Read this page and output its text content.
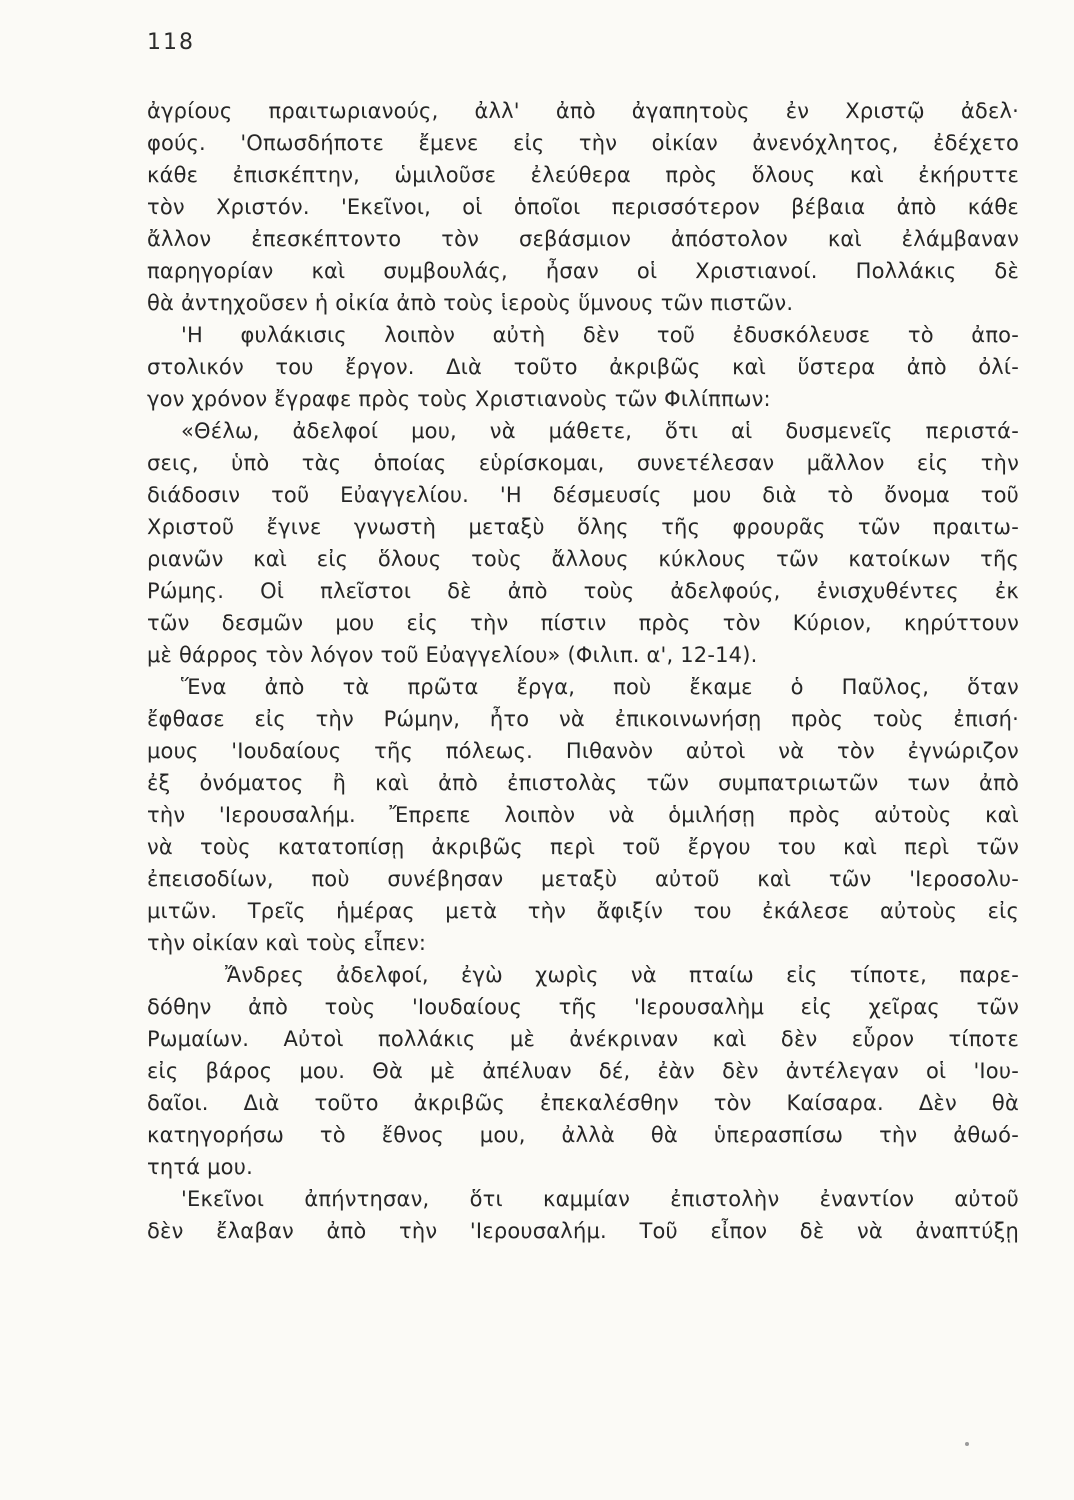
118
ἀγρίους πραιτωριανούς, ἀλλ' ἀπὸ ἀγαπητοὺς ἐν Χριστῷ ἀδελ·
φούς. 'Οπωσδήποτε ἔμενε εἰς τὴν οἰκίαν ἀνενόχλητος, ἐδέχετο
κάθε ἐπισκέπτην, ὡμιλοῦσε ἐλεύθερα πρὸς ὅλους καὶ ἐκήρυττε
τὸν Χριστόν. 'Εκεῖνοι, οἱ ὁποῖοι περισσότερον βέβαια ἀπὸ κάθε
ἄλλον ἐπεσκέπτοντο τὸν σεβάσμιον ἀπόστολον καὶ ἐλάμβαναν
παρηγορίαν καὶ συμβουλάς, ἦσαν οἱ Χριστιανοί. Πολλάκις δὲ
θὰ ἀντηχοῦσεν ἡ οἰκία ἀπὸ τοὺς ἱεροὺς ὕμνους τῶν πιστῶν.
'Η φυλάκισις λοιπὸν αὐτὴ δὲν τοῦ ἐδυσκόλευσε τὸ ἀπο-
στολικόν του ἔργον. Διὰ τοῦτο ἀκριβῶς καὶ ὕστερα ἀπὸ ὀλί-
γον χρόνον ἔγραφε πρὸς τοὺς Χριστιανοὺς τῶν Φιλίππων:
«Θέλω, ἀδελφοί μου, νὰ μάθετε, ὅτι αἱ δυσμενεῖς περιστά-
σεις, ὑπὸ τὰς ὁποίας εὑρίσκομαι, συνετέλεσαν μᾶλλον εἰς τὴν
διάδοσιν τοῦ Εὐαγγελίου. 'Η δέσμευσίς μου διὰ τὸ ὄνομα τοῦ
Χριστοῦ ἔγινε γνωστὴ μεταξὺ ὅλης τῆς φρουρᾶς τῶν πραιτω-
ριανῶν καὶ εἰς ὅλους τοὺς ἄλλους κύκλους τῶν κατοίκων τῆς
Ρώμης. Οἱ πλεῖστοι δὲ ἀπὸ τοὺς ἀδελφούς, ἐνισχυθέντες ἐκ
τῶν δεσμῶν μου εἰς τὴν πίστιν πρὸς τὸν Κύριον, κηρύττουν
μὲ θάρρος τὸν λόγον τοῦ Εὐαγγελίου» (Φιλιπ. α', 12-14).
Ἕνα ἀπὸ τὰ πρῶτα ἔργα, ποὺ ἔκαμε ὁ Παῦλος, ὅταν
ἔφθασε εἰς τὴν Ρώμην, ἦτο νὰ ἐπικοινωνήσῃ πρὸς τοὺς ἐπισή·
μους 'Ιουδαίους τῆς πόλεως. Πιθανὸν αὐτοὶ νὰ τὸν ἐγνώριζον
ἐξ ὀνόματος ἢ καὶ ἀπὸ ἐπιστολὰς τῶν συμπατριωτῶν των ἀπὸ
τὴν 'Ιερουσαλήμ. Ἔπρεπε λοιπὸν νὰ ὁμιλήσῃ πρὸς αὐτοὺς καὶ
νὰ τοὺς κατατοπίσῃ ἀκριβῶς περὶ τοῦ ἔργου του καὶ περὶ τῶν
ἐπεισοδίων, ποὺ συνέβησαν μεταξὺ αὐτοῦ καὶ τῶν 'Ιεροσολυ-
μιτῶν. Τρεῖς ἡμέρας μετὰ τὴν ἄφιξίν του ἐκάλεσε αὐτοὺς εἰς
τὴν οἰκίαν καὶ τοὺς εἶπεν:
Ἄνδρες ἀδελφοί, ἐγὼ χωρὶς νὰ πταίω εἰς τίποτε, παρε-
δόθην ἀπὸ τοὺς 'Ιουδαίους τῆς 'Ιερουσαλὴμ εἰς χεῖρας τῶν
Ρωμαίων. Αὐτοὶ πολλάκις μὲ ἀνέκριναν καὶ δὲν εὗρον τίποτε
εἰς βάρος μου. Θὰ μὲ ἀπέλυαν δέ, ἐὰν δὲν ἀντέλεγαν οἱ 'Ιου-
δαῖοι. Διὰ τοῦτο ἀκριβῶς ἐπεκαλέσθην τὸν Καίσαρα. Δὲν θὰ
κατηγορήσω τὸ ἔθνος μου, ἀλλὰ θὰ ὑπερασπίσω τὴν ἀθωό-
τητά μου.
'Εκεῖνοι ἀπήντησαν, ὅτι καμμίαν ἐπιστολὴν ἐναντίον αὐτοῦ
δὲν ἔλαβαν ἀπὸ τὴν 'Ιερουσαλήμ. Τοῦ εἶπον δὲ νὰ ἀναπτύξῃ
